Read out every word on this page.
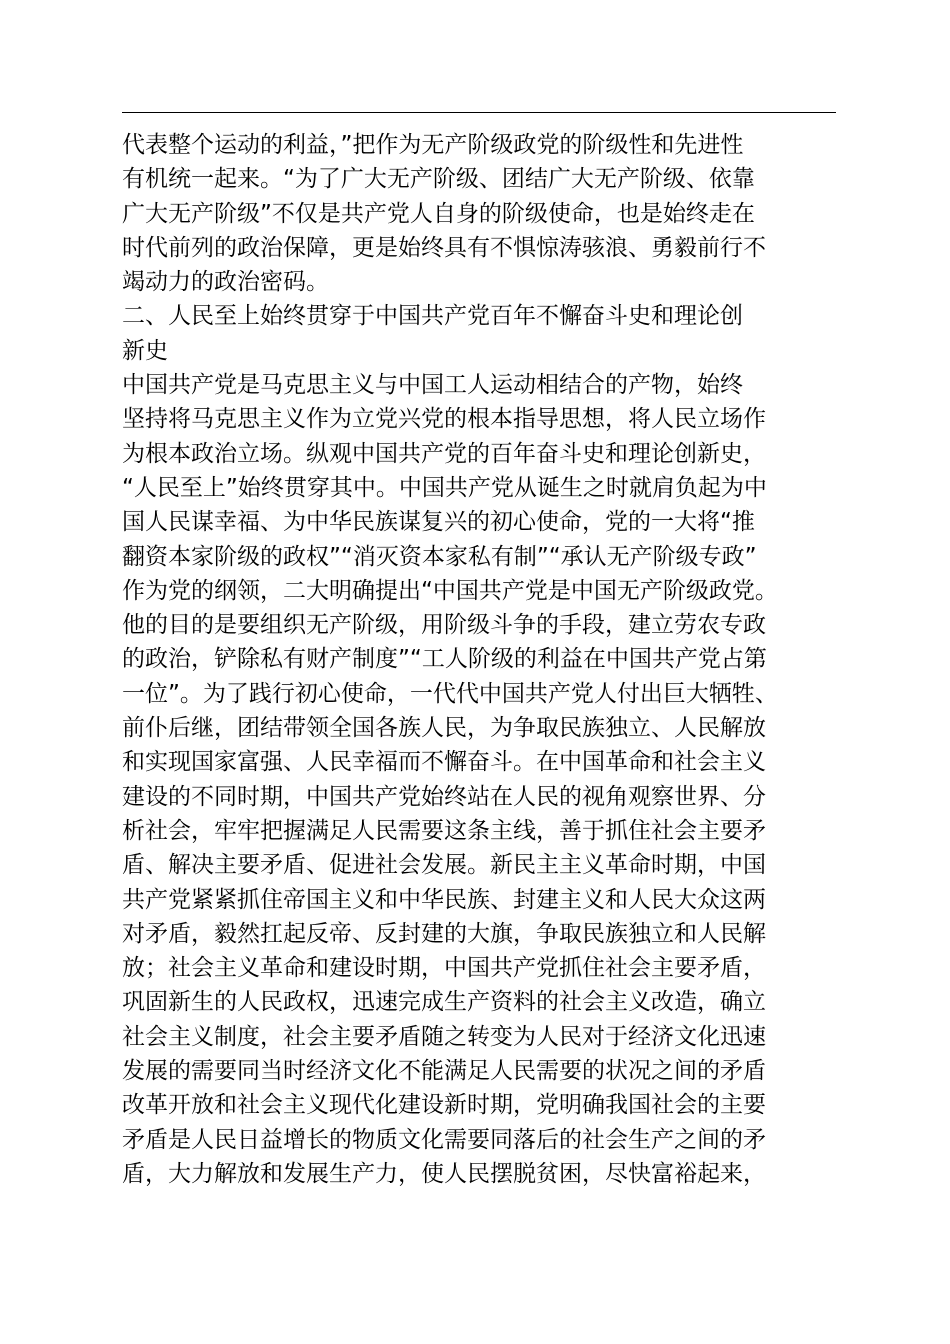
代表整个运动的利益，”把作为无产阶级政党的阶级性和先进性
有机统一起来。“为了广大无产阶级、团结广大无产阶级、依靠
广大无产阶级”不仅是共产党人自身的阶级使命，也是始终走在
时代前列的政治保障，更是始终具有不惧惊涛骇浪、勇毅前行不
竭动力的政治密码。
二、人民至上始终贯穿于中国共产党百年不懈奋斗史和理论创
新史
中国共产党是马克思主义与中国工人运动相结合的产物，始终
坚持将马克思主义作为立党兴党的根本指导思想，将人民立场作
为根本政治立场。纵观中国共产党的百年奋斗史和理论创新史，
“人民至上”始终贯穿其中。中国共产党从诞生之时就肩负起为中
国人民谋幸福、为中华民族谋复兴的初心使命，党的一大将“推
翻资本家阶级的政权”“消灭资本家私有制”“承认无产阶级专政”
作为党的纲领，二大明确提出“中国共产党是中国无产阶级政党。
他的目的是要组织无产阶级，用阶级斗争的手段，建立劳农专政
的政治，铲除私有财产制度”“工人阶级的利益在中国共产党占第
一位”。为了践行初心使命，一代代中国共产党人付出巨大牺牲、
前仆后继，团结带领全国各族人民，为争取民族独立、人民解放
和实现国家富强、人民幸福而不懈奋斗。在中国革命和社会主义
建设的不同时期，中国共产党始终站在人民的视角观察世界、分
析社会，牢牢把握满足人民需要这条主线，善于抓住社会主要矛
盾、解决主要矛盾、促进社会发展。新民主主义革命时期，中国
共产党紧紧抓住帝国主义和中华民族、封建主义和人民大众这两
对矛盾，毅然扛起反帝、反封建的大旗，争取民族独立和人民解
放；社会主义革命和建设时期，中国共产党抓住社会主要矛盾，
巩固新生的人民政权，迅速完成生产资料的社会主义改造，确立
社会主义制度，社会主要矛盾随之转变为人民对于经济文化迅速
发展的需要同当时经济文化不能满足人民需要的状况之间的矛盾
改革开放和社会主义现代化建设新时期，党明确我国社会的主要
矛盾是人民日益增长的物质文化需要同落后的社会生产之间的矛
盾，大力解放和发展生产力，使人民摆脱贫困，尽快富裕起来，
